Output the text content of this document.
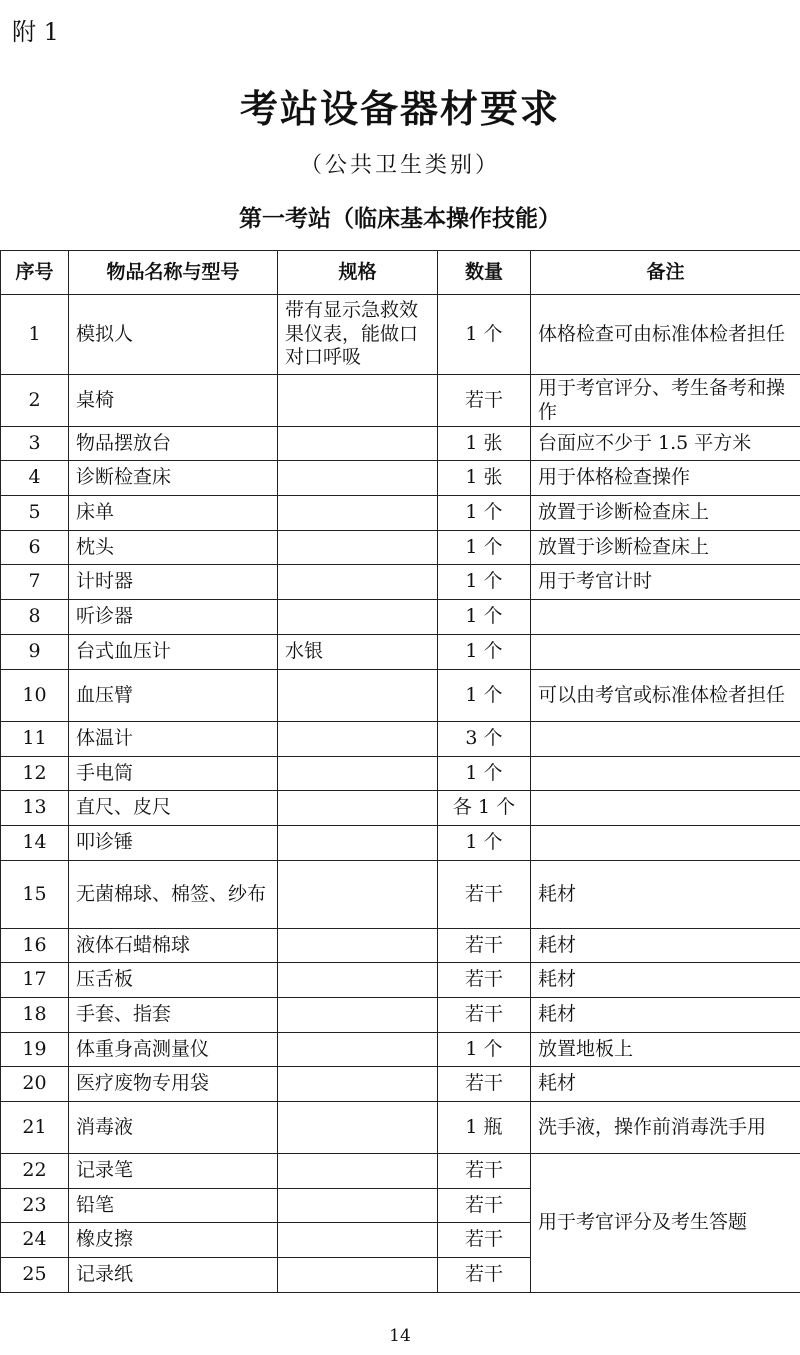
附 1
考站设备器材要求
（公共卫生类别）
第一考站（临床基本操作技能）
序号	物品名称与型号	规格	数量	备注
1	模拟人	带有显示急救效果仪表，能做口对口呼吸	1 个	体格检查可由标准体检者担任
2	桌椅		若干	用于考官评分、考生备考和操作
3	物品摆放台		1 张	台面应不少于 1.5 平方米
4	诊断检查床		1 张	用于体格检查操作
5	床单		1 个	放置于诊断检查床上
6	枕头		1 个	放置于诊断检查床上
7	计时器		1 个	用于考官计时
8	听诊器		1 个	
9	台式血压计	水银	1 个	
10	血压臂		1 个	可以由考官或标准体检者担任
11	体温计		3 个	
12	手电筒		1 个	
13	直尺、皮尺		各 1 个	
14	叩诊锤		1 个	
15	无菌棉球、棉签、纱布		若干	耗材
16	液体石蜡棉球		若干	耗材
17	压舌板		若干	耗材
18	手套、指套		若干	耗材
19	体重身高测量仪		1 个	放置地板上
20	医疗废物专用袋		若干	耗材
21	消毒液		1 瓶	洗手液，操作前消毒洗手用
22	记录笔		若干	用于考官评分及考生答题
23	铅笔		若干	
24	橡皮擦		若干	
25	记录纸		若干	
14
